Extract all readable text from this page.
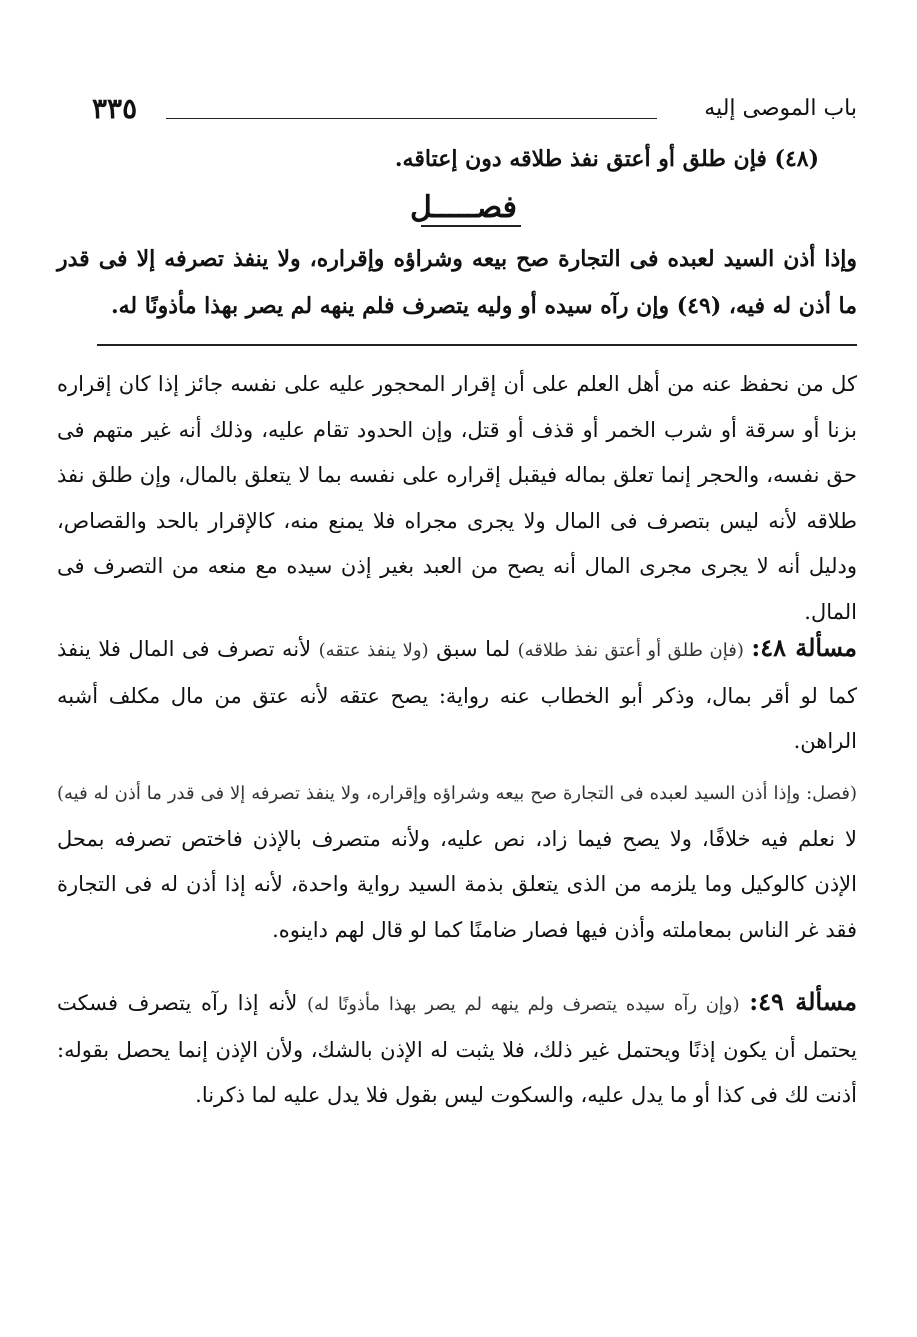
باب الموصى إليه
٣٣٥
(٤٨) فإن طلق أو أعتق نفذ طلاقه دون إعتاقه.
فصـــــل
وإذا أذن السيد لعبده فى التجارة صح بيعه وشراؤه وإقراره، ولا ينفذ تصرفه إلا فى قدر ما أذن له فيه، (٤٩) وإن رآه سيده أو وليه يتصرف فلم ينهه لم يصر بهذا مأذونًا له.
كل من نحفظ عنه من أهل العلم على أن إقرار المحجور عليه على نفسه جائز إذا كان إقراره بزنا أو سرقة أو شرب الخمر أو قذف أو قتل، وإن الحدود تقام عليه، وذلك أنه غير متهم فى حق نفسه، والحجر إنما تعلق بماله فيقبل إقراره على نفسه بما لا يتعلق بالمال، وإن طلق نفذ طلاقه لأنه ليس بتصرف فى المال ولا يجرى مجراه فلا يمنع منه، كالإقرار بالحد والقصاص، ودليل أنه لا يجرى مجرى المال أنه يصح من العبد بغير إذن سيده مع منعه من التصرف فى المال.
مسألة ٤٨: (فإن طلق أو أعتق نفذ طلاقه) لما سبق (ولا ينفذ عتقه) لأنه تصرف فى المال فلا ينفذ كما لو أقر بمال، وذكر أبو الخطاب عنه رواية: يصح عتقه لأنه عتق من مال مكلف أشبه الراهن.
(فصل: وإذا أذن السيد لعبده فى التجارة صح بيعه وشراؤه وإقراره، ولا ينفذ تصرفه إلا فى قدر ما أذن له فيه) لا نعلم فيه خلافًا، ولا يصح فيما زاد، نص عليه، ولأنه متصرف بالإذن فاختص تصرفه بمحل الإذن كالوكيل وما يلزمه من الذى يتعلق بذمة السيد رواية واحدة، لأنه إذا أذن له فى التجارة فقد غر الناس بمعاملته وأذن فيها فصار ضامنًا كما لو قال لهم داينوه.
مسألة ٤٩: (وإن رآه سيده يتصرف ولم ينهه لم يصر بهذا مأذونًا له) لأنه إذا رآه يتصرف فسكت يحتمل أن يكون إذنًا ويحتمل غير ذلك، فلا يثبت له الإذن بالشك، ولأن الإذن إنما يحصل بقوله: أذنت لك فى كذا أو ما يدل عليه، والسكوت ليس بقول فلا يدل عليه لما ذكرنا.
